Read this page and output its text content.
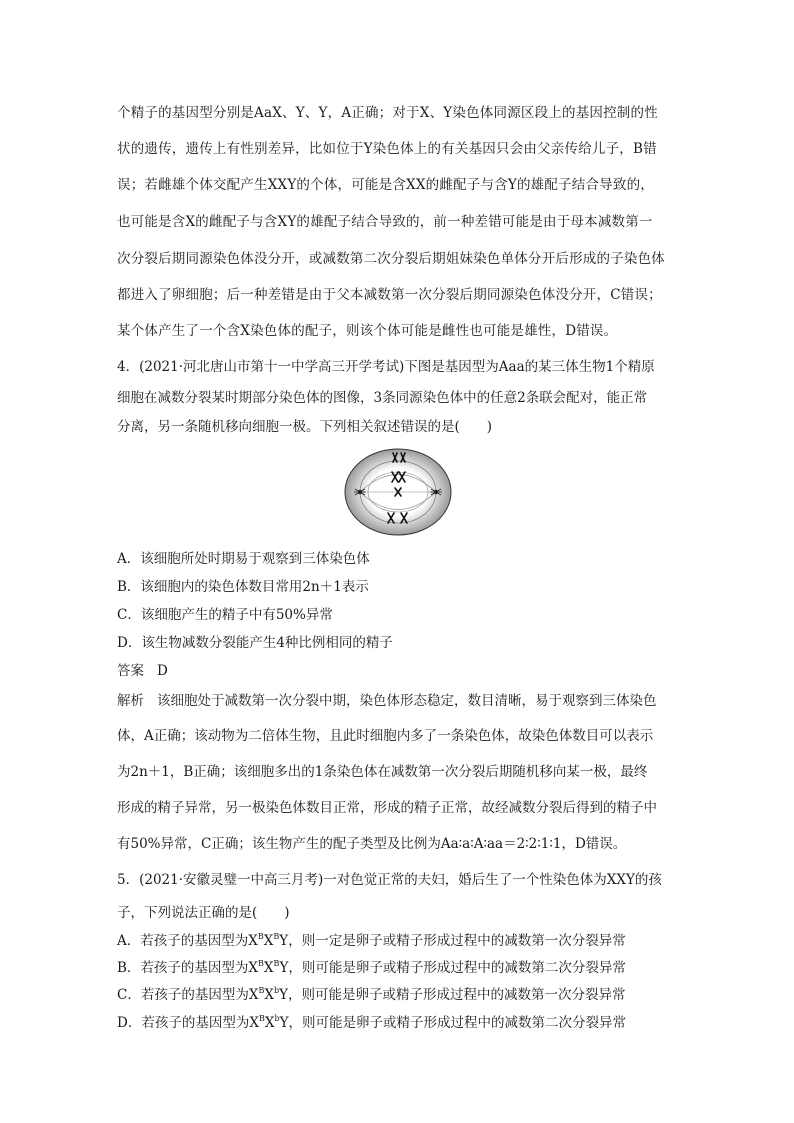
个精子的基因型分别是AaX、Y、Y，A正确；对于X、Y染色体同源区段上的基因控制的性
状的遗传，遗传上有性别差异，比如位于Y染色体上的有关基因只会由父亲传给儿子，B错
误；若雌雄个体交配产生XXY的个体，可能是含XX的雌配子与含Y的雄配子结合导致的，
也可能是含X的雌配子与含XY的雄配子结合导致的，前一种差错可能是由于母本减数第一
次分裂后期同源染色体没分开，或减数第二次分裂后期姐妹染色单体分开后形成的子染色体
都进入了卵细胞；后一种差错是由于父本减数第一次分裂后期同源染色体没分开，C错误；
某个体产生了一个含X染色体的配子，则该个体可能是雌性也可能是雄性，D错误。
4．(2021·河北唐山市第十一中学高三开学考试)下图是基因型为Aaa的某三体生物1个精原
细胞在减数分裂某时期部分染色体的图像，3条同源染色体中的任意2条联会配对，能正常
分离，另一条随机移向细胞一极。下列相关叙述错误的是(　　)
A．该细胞所处时期易于观察到三体染色体
B．该细胞内的染色体数目常用2n＋1表示
C．该细胞产生的精子中有50%异常
D．该生物减数分裂能产生4种比例相同的精子
答案 D
解析 该细胞处于减数第一次分裂中期，染色体形态稳定，数目清晰，易于观察到三体染色
体，A正确；该动物为二倍体生物，且此时细胞内多了一条染色体，故染色体数目可以表示
为2n＋1，B正确；该细胞多出的1条染色体在减数第一次分裂后期随机移向某一极，最终
形成的精子异常，另一极染色体数目正常，形成的精子正常，故经减数分裂后得到的精子中
有50%异常，C正确；该生物产生的配子类型及比例为Aa∶a∶A∶aa＝2∶2∶1∶1，D错误。
5．(2021·安徽灵璧一中高三月考)一对色觉正常的夫妇，婚后生了一个性染色体为XXY的孩
子，下列说法正确的是(　　)
A．若孩子的基因型为$X^BX^BY$，则一定是卵子或精子形成过程中的减数第一次分裂异常
B．若孩子的基因型为$X^BX^BY$，则可能是卵子或精子形成过程中的减数第二次分裂异常
C．若孩子的基因型为$X^BX^bY$，则可能是卵子或精子形成过程中的减数第一次分裂异常
D．若孩子的基因型为$X^BX^bY$，则可能是卵子或精子形成过程中的减数第二次分裂异常
